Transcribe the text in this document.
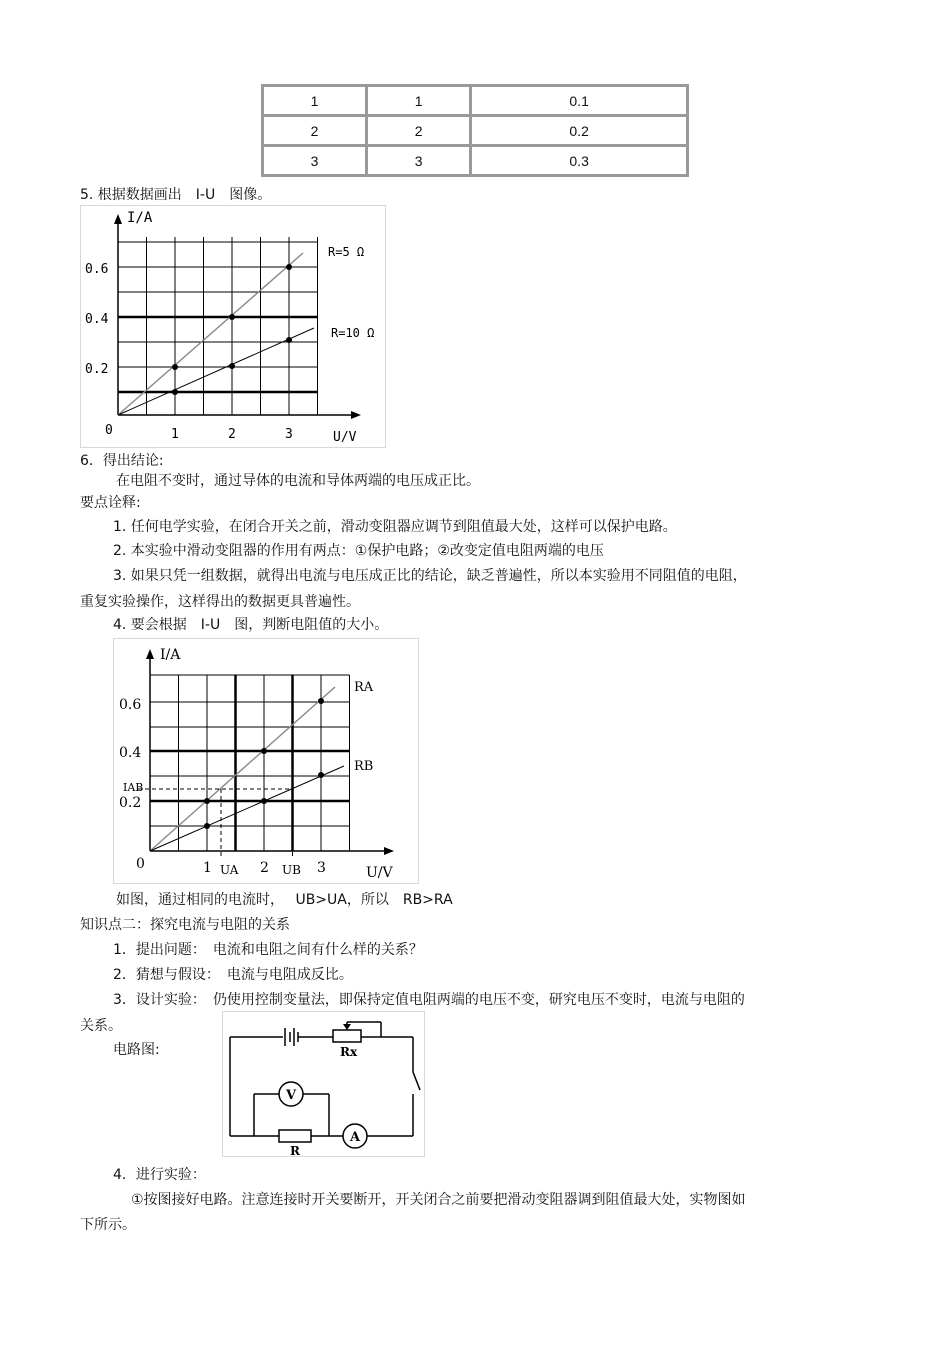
1	1	0.1
2	2	0.2
3	3	0.3
5. 根据数据画出　I-U　图像。
I/A
0.6
0.4
0.2
0	1	2	3	U/V
R=5 Ω
R=10 Ω
6．得出结论:
在电阻不变时，通过导体的电流和导体两端的电压成正比。
要点诠释:
1. 任何电学实验，在闭合开关之前，滑动变阻器应调节到阻值最大处，这样可以保护电路。
2. 本实验中滑动变阻器的作用有两点：①保护电路；②改变定值电阻两端的电压
3. 如果只凭一组数据，就得出电流与电压成正比的结论，缺乏普遍性，所以本实验用不同阻值的电阻，
重复实验操作，这样得出的数据更具普遍性。
4. 要会根据　I-U　图，判断电阻值的大小。
I/A
0.6
0.4
0.2
IAB
0	1	2	3
UA	UB	U/V
RA
RB
如图，通过相同的电流时，　 UB>UA，所以　RB>RA
知识点二：探究电流与电阻的关系
1．提出问题：　电流和电阻之间有什么样的关系？
2．猜想与假设：　电流与电阻成反比。
3．设计实验：　仍使用控制变量法，即保持定值电阻两端的电压不变，研究电压不变时，电流与电阻的
关系。
电路图:	Rx
R
V
A
4．进行实验：
①按图接好电路。注意连接时开关要断开，开关闭合之前要把滑动变阻器调到阻值最大处，实物图如
下所示。
